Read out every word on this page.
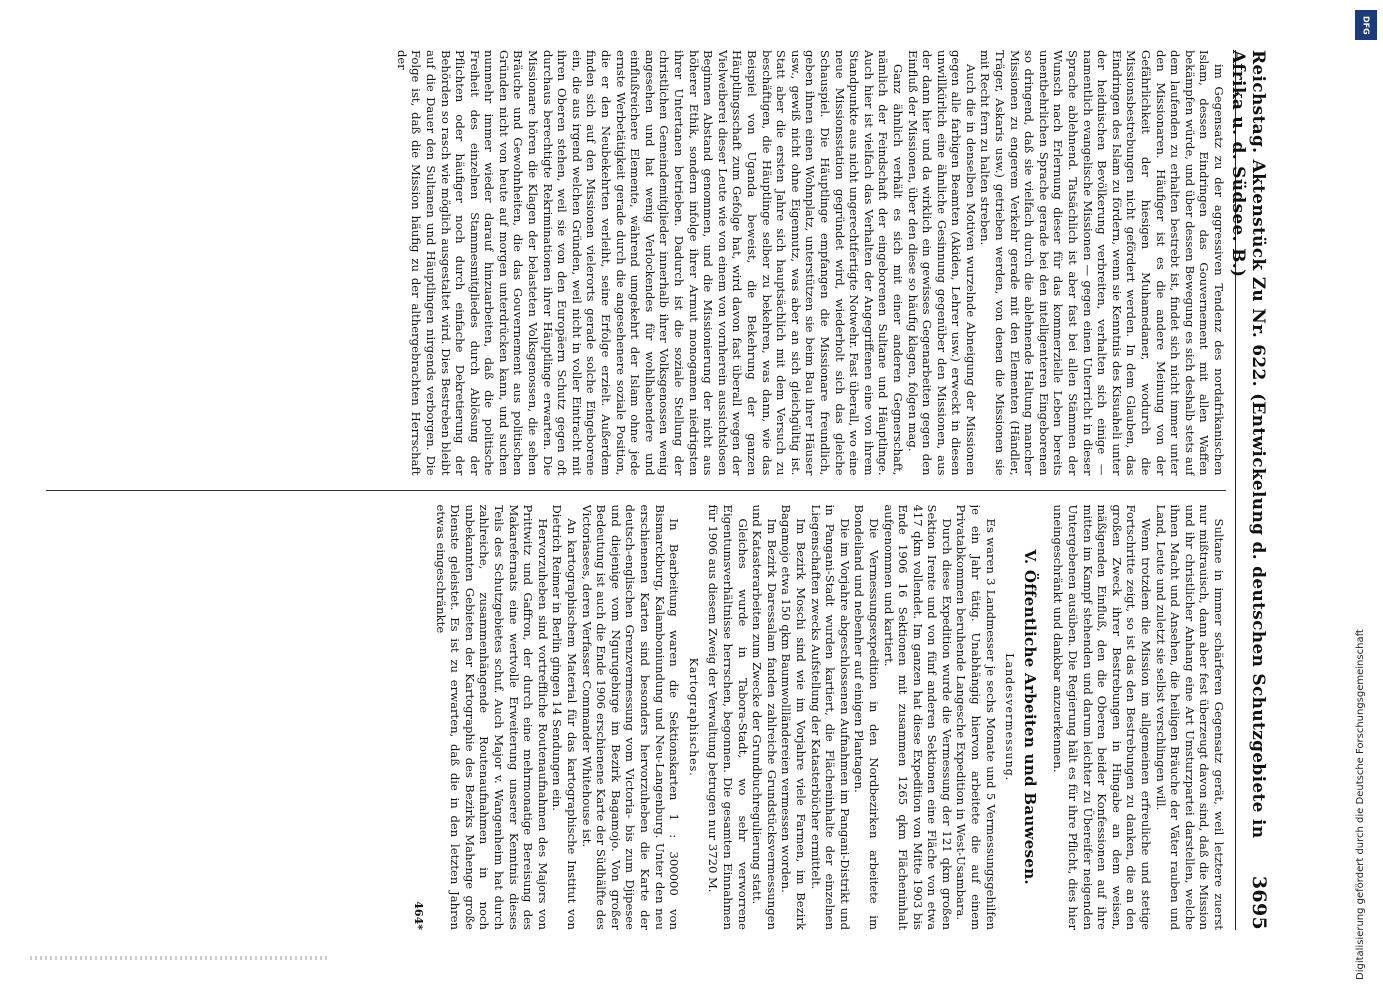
Reichstag. Aktenstück Zu Nr. 622. (Entwickelung d. deutschen Schutzgebiete in Afrika u. d. Südsee. B.)
3695

im Gegensatz zu der aggressiven Tendenz des nordafrikanischen Islam, dessen Eindringen das Gouvernement mit allen Waffen bekämpfen würde, und über dessen Bewegung es sich deshalb stets auf dem laufenden zu erhalten bestrebt ist, findet sich nicht immer unter den Missionaren. Häufiger ist es die andere Meinung von der Gefährlichkeit der hiesigen Muhamedaner, wodurch die Missionsbestrebungen nicht gefördert werden. In dem Glauben, das Eindringen des Islam zu fördern, wenn sie Kenntnis des Kisuaheli unter der heidnischen Bevölkerung verbreiten, verhalten sich einige — namentlich evangelische Missionen — gegen einen Unterricht in dieser Sprache ablehnend. Tatsächlich ist aber fast bei allen Stämmen der Wunsch nach Erlernung dieser für das kommerzielle Leben bereits unentbehrlichen Sprache gerade bei den intelligenteren Eingeborenen so dringend, daß sie vielfach durch die ablehnende Haltung mancher Missionen zu engerem Verkehr gerade mit den Elementen (Händler, Träger, Askaris usw.) getrieben werden, von denen die Missionen sie mit Recht fern zu halten streben.

Auch die in denselben Motiven wurzelnde Abneigung der Missionen gegen alle farbigen Beamten (Akiden, Lehrer usw.) erweckt in diesen unwillkürlich eine ähnliche Gesinnung gegenüber den Missionen, aus der dann hier und da wirklich ein gewisses Gegenarbeiten gegen den Einfluß der Missionen, über den diese so häufig klagen, folgen mag.

Ganz ähnlich verhält es sich mit einer anderen Gegnerschaft, nämlich der Feindschaft der eingeborenen Sultane und Häuptlinge. Auch hier ist vielfach das Verhalten der Angegriffenen eine von ihrem Standpunkte aus nicht ungerechtfertigte Notwehr. Fast überall, wo eine neue Missionsstation gegründet wird, wiederholt sich das gleiche Schauspiel. Die Häuptlinge empfangen die Missionare freundlich, geben ihnen einen Wohnplatz, unterstützen sie beim Bau ihrer Häuser usw., gewiß nicht ohne Eigennutz, was aber an sich gleichgültig ist. Statt aber die ersten Jahre sich hauptsächlich mit dem Versuch zu beschäftigen, die Häuptlinge selber zu bekehren, was dann, wie das Beispiel von Uganda beweist, die Bekehrung der ganzen Häuptlingsschaft zum Gefolge hat, wird davon fast überall wegen der Vielweiberei dieser Leute wie von einem von vornherein aussichtslosen Beginnen Abstand genommen, und die Missionierung der nicht aus höherer Ethik, sondern infolge ihrer Armut monogamen niedrigsten ihrer Untertanen betrieben. Dadurch ist die soziale Stellung der christlichen Gemeindemitglieder innerhalb ihrer Volksgenossen wenig angesehen und hat wenig Verlockendes für wohlhabendere und einflußreichere Elemente, während umgekehrt der Islam ohne jede ernste Werbetätigkeit gerade durch die angesehenere soziale Position, die er den Neubekehrten verleiht, seine Erfolge erzielt. Außerdem finden sich auf den Missionen vielerorts gerade solche Eingeborene ein, die aus irgend welchen Gründen, weil nicht in voller Eintracht mit ihren Oberen stehen, weil sie von den Europäern Schutz gegen oft durchaus berechtigte Rekriminationen ihrer Häuptlinge erwarten. Die Missionare hören die Klagen der belasteten Volksgenossen, die sehen Bräuche und Gewohnheiten, die das Gouvernement aus politischen Gründen nicht von heute auf morgen unterdrücken kann, und suchen nunmehr immer wieder darauf hinzuarbeiten, daß die politische Freiheit des einzelnen Stammesmitgliedes durch Ablösung der Pflichten oder häufiger noch durch einfache Dekretierung der Behörden so rasch wie möglich ausgestaltet wird. Dies Bestreben bleibt auf die Dauer den Sultanen und Häuptlingen nirgends verborgen. Die Folge ist, daß die Mission häufig zu der althergebrachten Herrschaft der

Sultane in immer schärferen Gegensatz gerät, weil letztere zuerst nur mißtrauisch, dann aber fest überzeugt davon sind, daß die Mission und ihr christlicher Anhang eine Art Umsturzpartei darstellen, welche ihnen Macht und Ansehen, die heiligen Bräuche der Väter rauben und Land, Leute und zuletzt sie selbst verschlingen will.

Wenn trotzdem die Mission im allgemeinen erfreuliche und stetige Fortschritte zeigt, so ist das den Bestrebungen zu danken, die an den großen Zweck ihrer Bestrebungen in Hingabe an dem weisen, mäßigenden Einfluß, den die Oberen beider Konfessionen auf ihre mitten im Kampf stehenden und darum leichter zu Übereifer neigenden Untergebenen ausüben. Die Regierung hält es für ihre Pflicht, dies hier uneingeschränkt und dankbar anzuerkennen.

V. Öffentliche Arbeiten und Bauwesen.
Landesvermessung.

Es waren 3 Landmesser je sechs Monate und 5 Vermessungsgehilfen je ein Jahr tätig. Unabhängig hiervon arbeitete die auf einem Privatabkommen beruhende Langesche Expedition in West-Usambara.

Durch diese Expedition wurde die Vermessung der 121 qkm großen Sektion Irente und von fünf anderen Sektionen eine Fläche von etwa 417 qkm vollendet. Im ganzen hat diese Expedition von Mitte 1903 bis Ende 1906 16 Sektionen mit zusammen 1265 qkm Flächeninhalt aufgenommen und kartiert.

Die Vermessungsexpedition in den Nordbezirken arbeitete im Bondeiland und nebenher auf einigen Plantagen.

Die im Vorjahre abgeschlossenen Aufnahmen im Pangani-Distrikt und in Pangani-Stadt wurden kartiert, die Flächeninhalte der einzelnen Liegenschaften zwecks Aufstellung der Katasterbücher ermittelt.

Im Bezirk Moschi sind wie im Vorjahre viele Farmen, im Bezirk Bagamojo etwa 150 qkm Baumwollländereien vermessen worden.

Im Bezirk Daressalam fanden zahlreiche Grundstücksvermessungen und Katasterarbeiten zum Zwecke der Grundbuchregulierung statt.

Gleiches wurde in Tabora-Stadt, wo sehr verworrene Eigentumsverhältnisse herrschen, begonnen. Die gesamten Einnahmen für 1906 aus diesem Zweig der Verwaltung betrugen nur 3720 M.

Kartographisches.

In Bearbeitung waren die Sektionskarten 1 : 300000 von Bismarckburg, Kalamboniundung und Neu-Langenburg. Unter den neu erschienenen Karten sind besonders hervorzuheben die Karte der deutsch-englischen Grenzvermessung vom Victoria- bis zum Djipesee und diejenige vom Ngurugebirge im Bezirk Bagamojo. Von großer Bedeutung ist auch die Ende 1906 erschienene Karte der Südhälfte des Victoriasees, deren Verfasser Commander Whitehouse ist.

An kartographischem Material für das kartographische Institut von Dietrich Reimer in Berlin gingen 14 Sendungen ein.

Hervorzuheben sind vortreffliche Routenaufnahmen des Majors von Prittwitz und Gaffron, der durch eine mehrmonatige Bereisung des Makarefernats eine wertvolle Erweiterung unserer Kenntnis dieses Teils des Schutzgebietes schuf. Auch Major v. Wangenheim hat durch zahlreiche, zusammenhängende Routenaufnahmen in noch unbekannten Gebieten der Kartographie des Bezirks Mahenge große Dienste geleistet. Es ist zu erwarten, daß die in den letzten Jahren etwas eingeschränkte

464*
DFG
Digitalisierung gefördert durch die Deutsche Forschungsgemeinschaft
